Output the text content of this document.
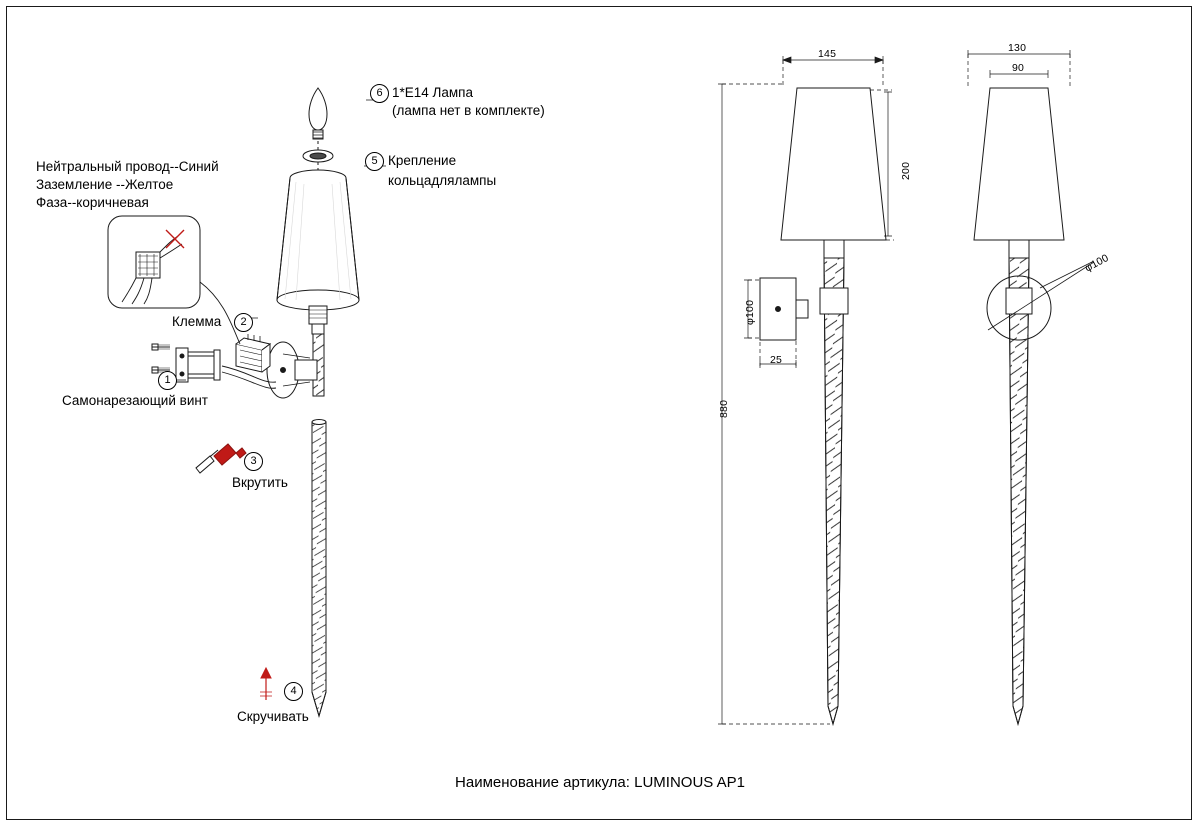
Нейтральный провод--Синий
Заземление --Желтое
Фаза--коричневая
6 1*E14 Лампа
(лампа нет в комплекте)
5 Крепление
кольцадлялампы
Клемма	2
1
Самонарезающий винт
3
Вкрутить
4
Скручивать
145
200
φ100
25
880
130
90
φ100
Наименование артикула: LUMINOUS AP1
